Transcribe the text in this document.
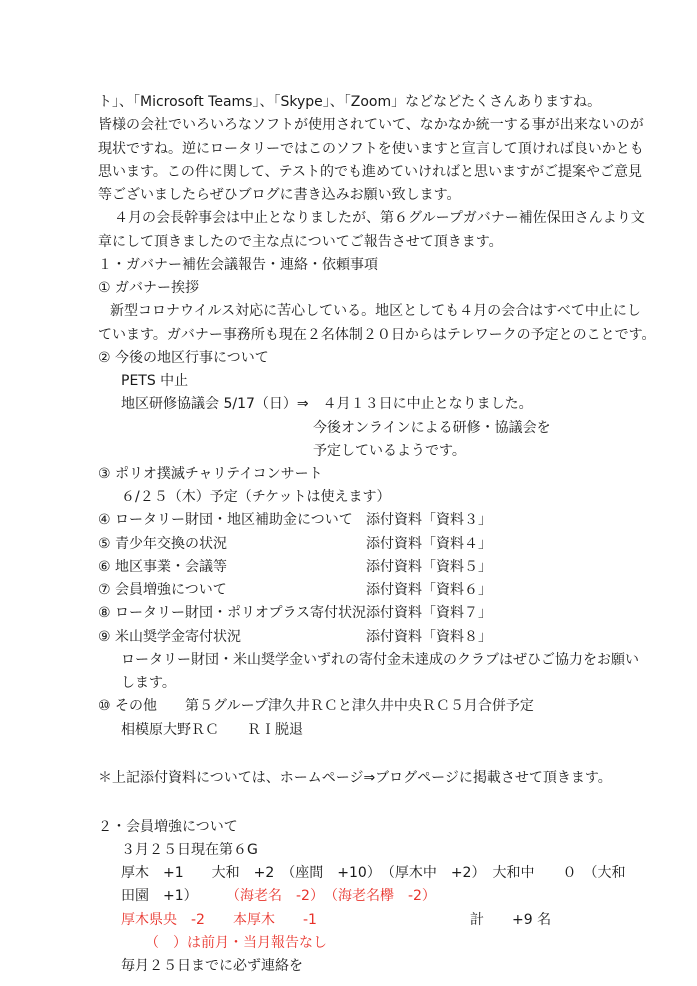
ト」、「Microsoft Teams」、「Skype」、「Zoom」などなどたくさんありますね。
皆様の会社でいろいろなソフトが使用されていて、なかなか統一する事が出来ないのが
現状ですね。逆にロータリーではこのソフトを使いますと宣言して頂ければ良いかとも
思います。この件に関して、テスト的でも進めていければと思いますがご提案やご意見
等ございましたらぜひブログに書き込みお願い致します。
４月の会長幹事会は中止となりましたが、第６グループガバナー補佐保田さんより文
章にして頂きましたので主な点についてご報告させて頂きます。
１・ガバナー補佐会議報告・連絡・依頼事項
① ガバナー挨拶
新型コロナウイルス対応に苦心している。地区としても４月の会合はすべて中止にし
ています。ガバナー事務所も現在２名体制２０日からはテレワークの予定とのことです。
② 今後の地区行事について
PETS 中止
地区研修協議会 5/17（日）⇒　４月１３日に中止となりました。
今後オンラインによる研修・協議会を
予定しているようです。
③ ポリオ撲滅チャリテイコンサート
６/２５（木）予定（チケットは使えます）
④ ロータリー財団・地区補助金について 添付資料「資料３」
⑤ 青少年交換の状況	添付資料「資料４」
⑥ 地区事業・会議等	添付資料「資料５」
⑦ 会員増強について	添付資料「資料６」
⑧ ロータリー財団・ポリオプラス寄付状況 添付資料「資料７」
⑨ 米山奨学金寄付状況	添付資料「資料８」
ロータリー財団・米山奨学金いずれの寄付金未達成のクラブはぜひご協力をお願い
します。
⑩ その他　　第５グループ津久井ＲＣと津久井中央ＲＣ５月合併予定
相模原大野ＲＣ　　ＲＩ脱退
＊上記添付資料については、ホームページ⇒ブログページに掲載させて頂きます。
２・会員増強について
３月２５日現在第６G
厚木　+1　　大和　+2　（座間　+10）　（厚木中　+2）　大和中　　０　（大和
田園　+1） （海老名　-2）　（海老名欅　-2）
厚木県央　-2　　本厚木　　-1	計　　+9 名
（　）は前月・当月報告なし
毎月２５日までに必ず連絡を
